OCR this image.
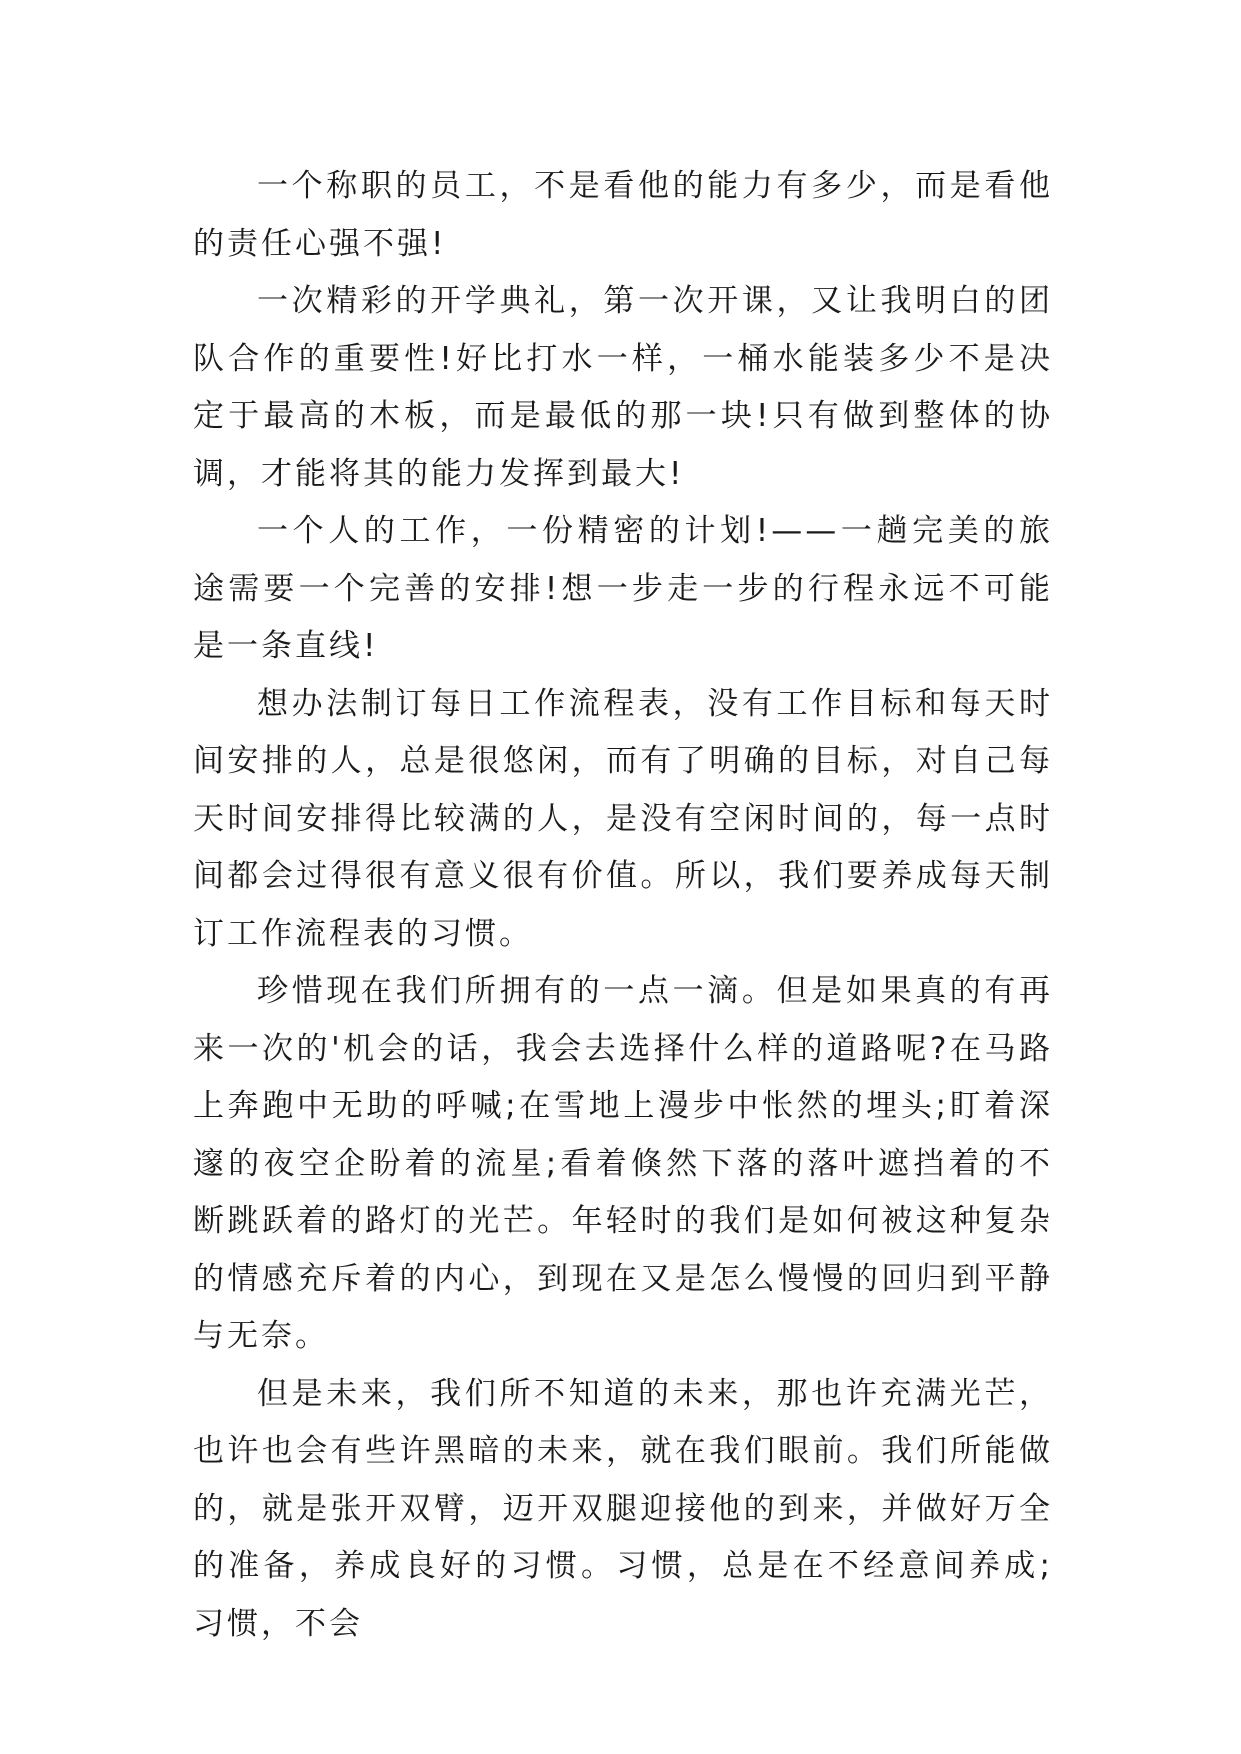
一个称职的员工，不是看他的能力有多少，而是看他的责任心强不强!

一次精彩的开学典礼，第一次开课，又让我明白的团队合作的重要性!好比打水一样，一桶水能装多少不是决定于最高的木板，而是最低的那一块!只有做到整体的协调，才能将其的能力发挥到最大!

一个人的工作，一份精密的计划!——一趟完美的旅途需要一个完善的安排!想一步走一步的行程永远不可能是一条直线!

想办法制订每日工作流程表，没有工作目标和每天时间安排的人，总是很悠闲，而有了明确的目标，对自己每天时间安排得比较满的人，是没有空闲时间的，每一点时间都会过得很有意义很有价值。所以，我们要养成每天制订工作流程表的习惯。

珍惜现在我们所拥有的一点一滴。但是如果真的有再来一次的'机会的话，我会去选择什么样的道路呢?在马路上奔跑中无助的呼喊;在雪地上漫步中怅然的埋头;盯着深邃的夜空企盼着的流星;看着倏然下落的落叶遮挡着的不断跳跃着的路灯的光芒。年轻时的我们是如何被这种复杂的情感充斥着的内心，到现在又是怎么慢慢的回归到平静与无奈。

但是未来，我们所不知道的未来，那也许充满光芒，也许也会有些许黑暗的未来，就在我们眼前。我们所能做的，就是张开双臂，迈开双腿迎接他的到来，并做好万全的准备，养成良好的习惯。习惯，总是在不经意间养成;习惯，不会
